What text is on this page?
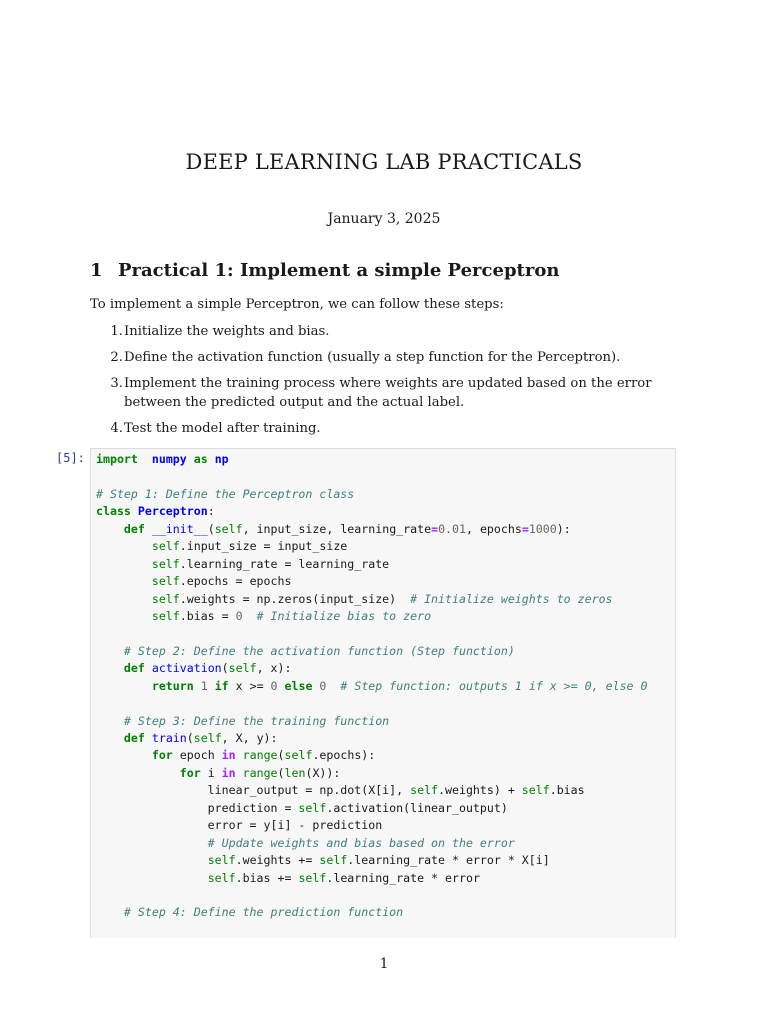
DEEP LEARNING LAB PRACTICALS
January 3, 2025
1 Practical 1: Implement a simple Perceptron
To implement a simple Perceptron, we can follow these steps:
1. Initialize the weights and bias.
2. Define the activation function (usually a step function for the Perceptron).
3. Implement the training process where weights are updated based on the error between the predicted output and the actual label.
4. Test the model after training.
[5]: import numpy as np

# Step 1: Define the Perceptron class
class Perceptron:
def __init__(self, input_size, learning_rate=0.01, epochs=1000):
self.input_size = input_size
self.learning_rate = learning_rate
self.epochs = epochs
self.weights = np.zeros(input_size)  # Initialize weights to zeros
self.bias = 0 # Initialize bias to zero

# Step 2: Define the activation function (Step function)
def activation(self, x):
return 1 if x >= 0 else 0 # Step function: outputs 1 if x >= 0, else 0

# Step 3: Define the training function
def train(self, X, y):
for epoch in range(self.epochs):
for i in range(len(X)):
linear_output = np.dot(X[i], self.weights) + self.bias
prediction = self.activation(linear_output)
error = y[i] - prediction
# Update weights and bias based on the error
self.weights += self.learning_rate * error * X[i]
self.bias += self.learning_rate * error

# Step 4: Define the prediction function
1
